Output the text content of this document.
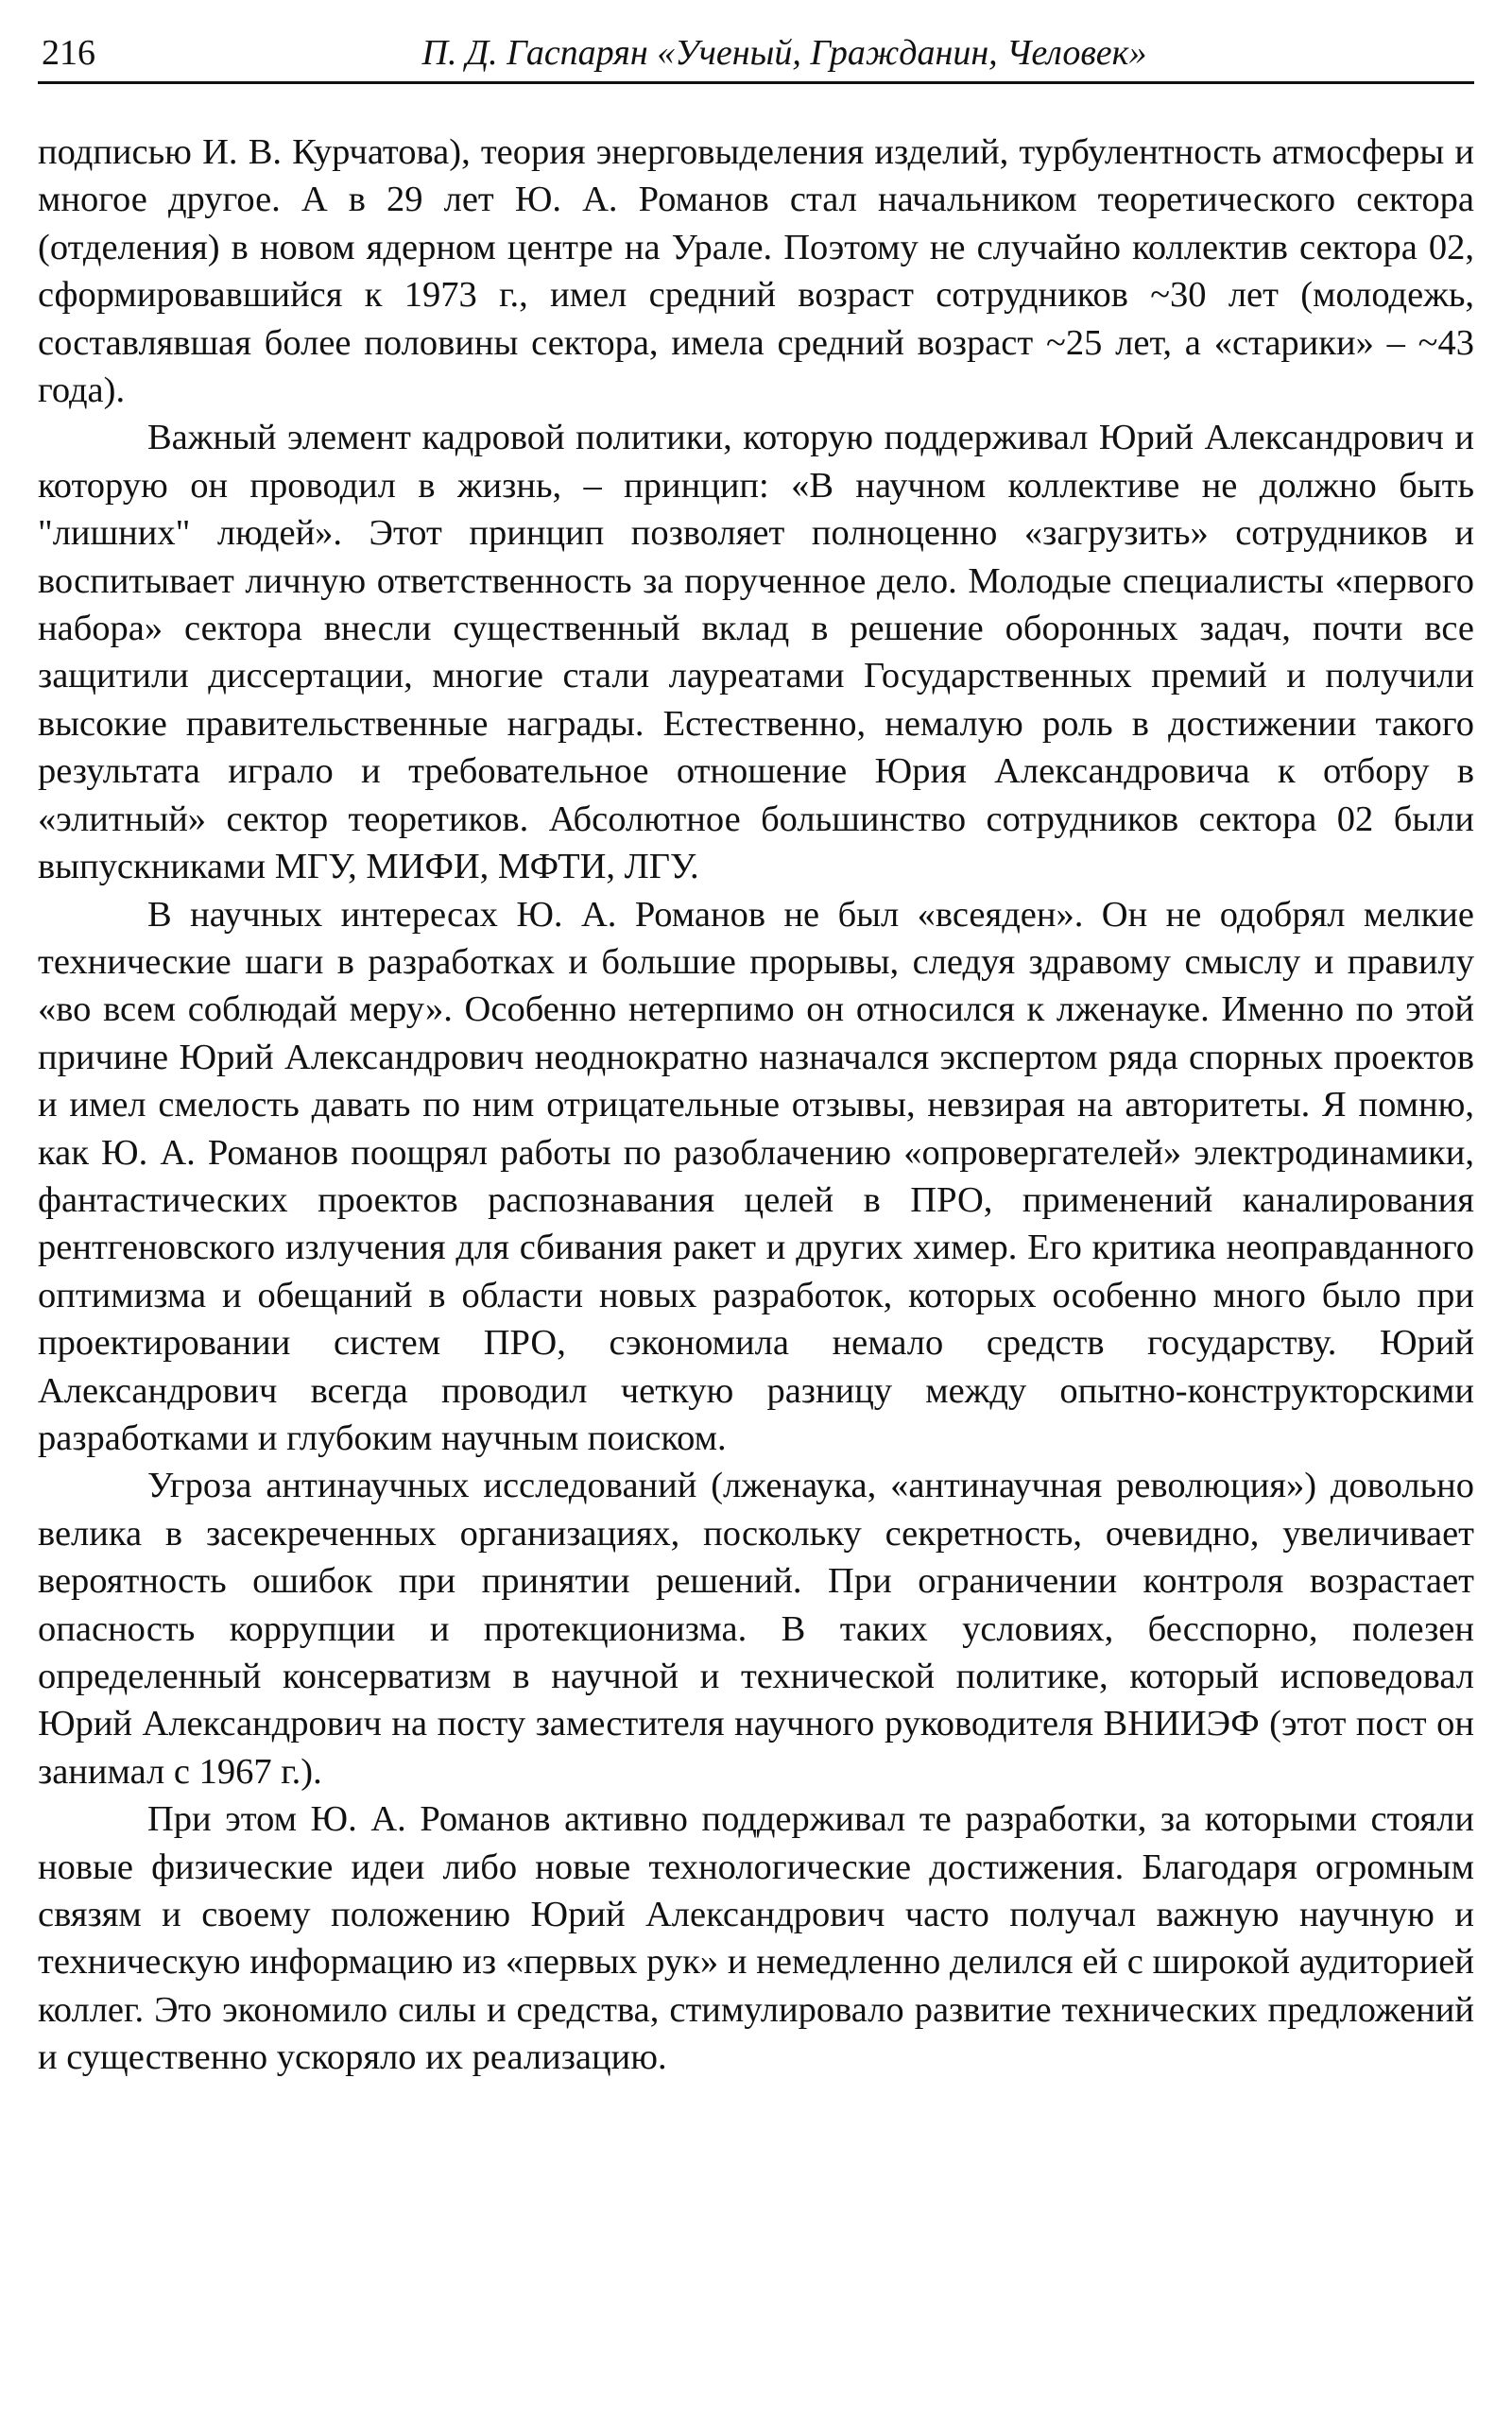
216	П. Д. Гаспарян «Ученый, Гражданин, Человек»

подписью И. В. Курчатова), теория энерговыделения изделий, турбулентность атмосферы и многое другое. А в 29 лет Ю. А. Романов стал начальником теоретического сектора (отделения) в новом ядерном центре на Урале. Поэтому не случайно коллектив сектора 02, сформировавшийся к 1973 г., имел средний возраст сотрудников ~30 лет (молодежь, составлявшая более половины сектора, имела средний возраст ~25 лет, а «старики» – ~43 года).

Важный элемент кадровой политики, которую поддерживал Юрий Александрович и которую он проводил в жизнь, – принцип: «В научном коллективе не должно быть "лишних" людей». Этот принцип позволяет полноценно «загрузить» сотрудников и воспитывает личную ответственность за порученное дело. Молодые специалисты «первого набора» сектора внесли существенный вклад в решение оборонных задач, почти все защитили диссертации, многие стали лауреатами Государственных премий и получили высокие правительственные награды. Естественно, немалую роль в достижении такого результата играло и требовательное отношение Юрия Александровича к отбору в «элитный» сектор теоретиков. Абсолютное большинство сотрудников сектора 02 были выпускниками МГУ, МИФИ, МФТИ, ЛГУ.

В научных интересах Ю. А. Романов не был «всеяден». Он не одобрял мелкие технические шаги в разработках и большие прорывы, следуя здравому смыслу и правилу «во всем соблюдай меру». Особенно нетерпимо он относился к лженауке. Именно по этой причине Юрий Александрович неоднократно назначался экспертом ряда спорных проектов и имел смелость давать по ним отрицательные отзывы, невзирая на авторитеты. Я помню, как Ю. А. Романов поощрял работы по разоблачению «опровергателей» электродинамики, фантастических проектов распознавания целей в ПРО, применений каналирования рентгеновского излучения для сбивания ракет и других химер. Его критика неоправданного оптимизма и обещаний в области новых разработок, которых особенно много было при проектировании систем ПРО, сэкономила немало средств государству. Юрий Александрович всегда проводил четкую разницу между опытно-конструкторскими разработками и глубоким научным поиском.

Угроза антинаучных исследований (лженаука, «антинаучная революция») довольно велика в засекреченных организациях, поскольку секретность, очевидно, увеличивает вероятность ошибок при принятии решений. При ограничении контроля возрастает опасность коррупции и протекционизма. В таких условиях, бесспорно, полезен определенный консерватизм в научной и технической политике, который исповедовал Юрий Александрович на посту заместителя научного руководителя ВНИИЭФ (этот пост он занимал с 1967 г.).

При этом Ю. А. Романов активно поддерживал те разработки, за которыми стояли новые физические идеи либо новые технологические достижения. Благодаря огромным связям и своему положению Юрий Александрович часто получал важную научную и техническую информацию из «первых рук» и немедленно делился ей с широкой аудиторией коллег. Это экономило силы и средства, стимулировало развитие технических предложений и существенно ускоряло их реализацию.
